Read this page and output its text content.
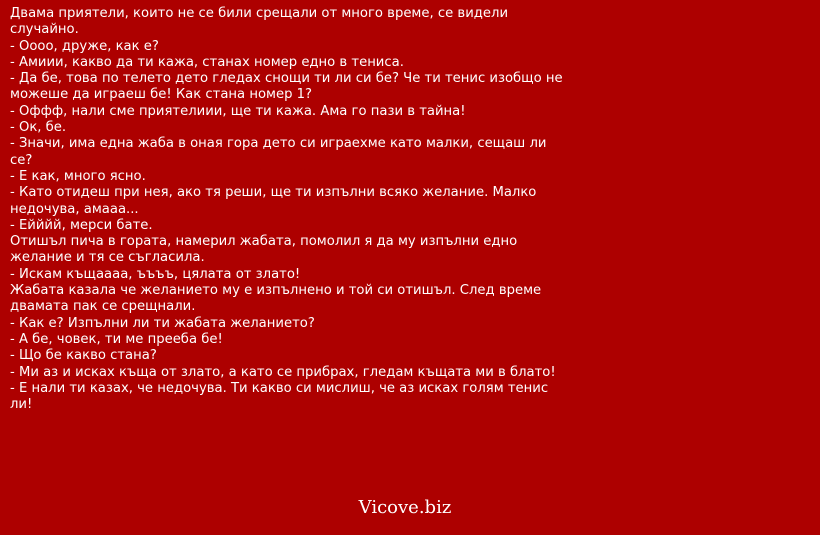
Двама приятели, които не се били срещали от много време, се видели случайно.
- Оооо, друже, как е?
- Амиии, какво да ти кажа, станах номер едно в тениса.
- Да бе, това по телето дето гледах снощи ти ли си бе? Че ти тенис изобщо не можеше да играеш бе! Как стана номер 1?
- Оффф, нали сме приятелиии, ще ти кажа. Ама го пази в тайна!
- Ок, бе.
- Значи, има една жаба в оная гора дето си играехме като малки, сещаш ли се?
- Е как, много ясно.
- Като отидеш при нея, ако тя реши, ще ти изпълни всяко желание. Малко недочува, амааа...
- Ейййй, мерси бате.
Отишъл пича в гората, намерил жабата, помолил я да му изпълни едно желание и тя се съгласила.
- Искам къщаааа, ъъъъ, цялата от злато!
Жабата казала че желанието му е изпълнено и той си отишъл. След време двамата пак се срещнали.
- Как е? Изпълни ли ти жабата желанието?
- А бе, човек, ти ме прееба бе!
- Що бе какво стана?
- Ми аз и исках къща от злато, а като се прибрах, гледам къщата ми в блато!
- Е нали ти казах, че недочува. Ти какво си мислиш, че аз исках голям тенис ли!
Vicove.biz
